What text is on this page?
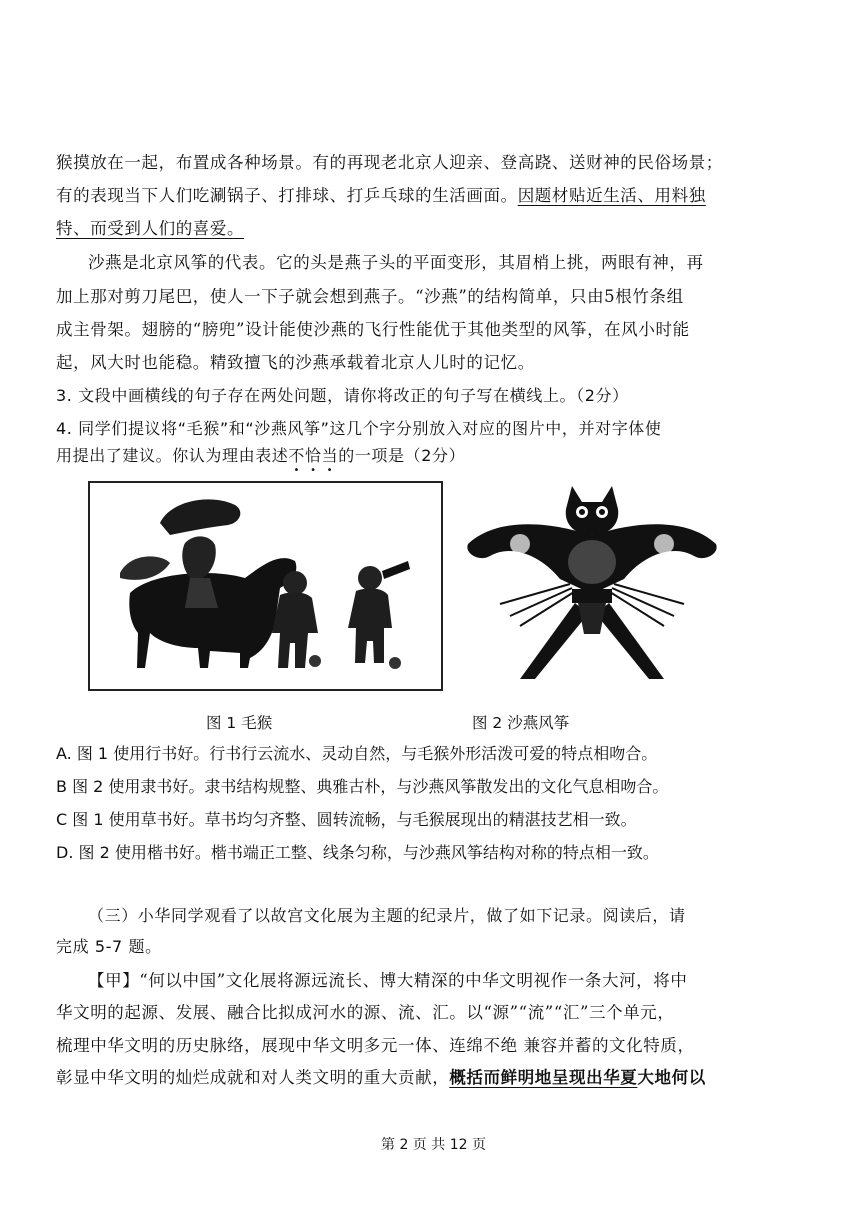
猴摸放在一起，布置成各种场景。有的再现老北京人迎亲、登高跷、送财神的民俗场景；
有的表现当下人们吃涮锅子、打排球、打乒乓球的生活画面。因题材贴近生活、用料独
特、而受到人们的喜爱。
沙燕是北京风筝的代表。它的头是燕子头的平面变形，其眉梢上挑，两眼有神，再
加上那对剪刀尾巴，使人一下子就会想到燕子。“沙燕”的结构简单，只由5根竹条组
成主骨架。翅膀的“膀兜”设计能使沙燕的飞行性能优于其他类型的风筝，在风小时能
起，风大时也能稳。精致擅飞的沙燕承载着北京人儿时的记忆。
3. 文段中画横线的句子存在两处问题，请你将改正的句子写在横线上。（2分）
4. 同学们提议将“毛猴”和“沙燕风筝”这几个字分别放入对应的图片中，并对字体使
用提出了建议。你认为理由表述不恰当的一项是（2分）
图 1 毛猴	图 2 沙燕风筝
A. 图 1 使用行书好。行书行云流水、灵动自然，与毛猴外形活泼可爱的特点相吻合。
B 图 2 使用隶书好。隶书结构规整、典雅古朴，与沙燕风筝散发出的文化气息相吻合。
C 图 1 使用草书好。草书均匀齐整、圆转流畅，与毛猴展现出的精湛技艺相一致。
D. 图 2 使用楷书好。楷书端正工整、线条匀称，与沙燕风筝结构对称的特点相一致。
（三）小华同学观看了以故宫文化展为主题的纪录片，做了如下记录。阅读后，请
完成 5-7 题。
【甲】“何以中国”文化展将源远流长、博大精深的中华文明视作一条大河，将中
华文明的起源、发展、融合比拟成河水的源、流、汇。以“源”“流”“汇”三个单元，
梳理中华文明的历史脉络，展现中华文明多元一体、连绵不绝 兼容并蓄的文化特质，
彰显中华文明的灿烂成就和对人类文明的重大贡献，概括而鲜明地呈现出华夏大地何以
第 2 页 共 12 页
